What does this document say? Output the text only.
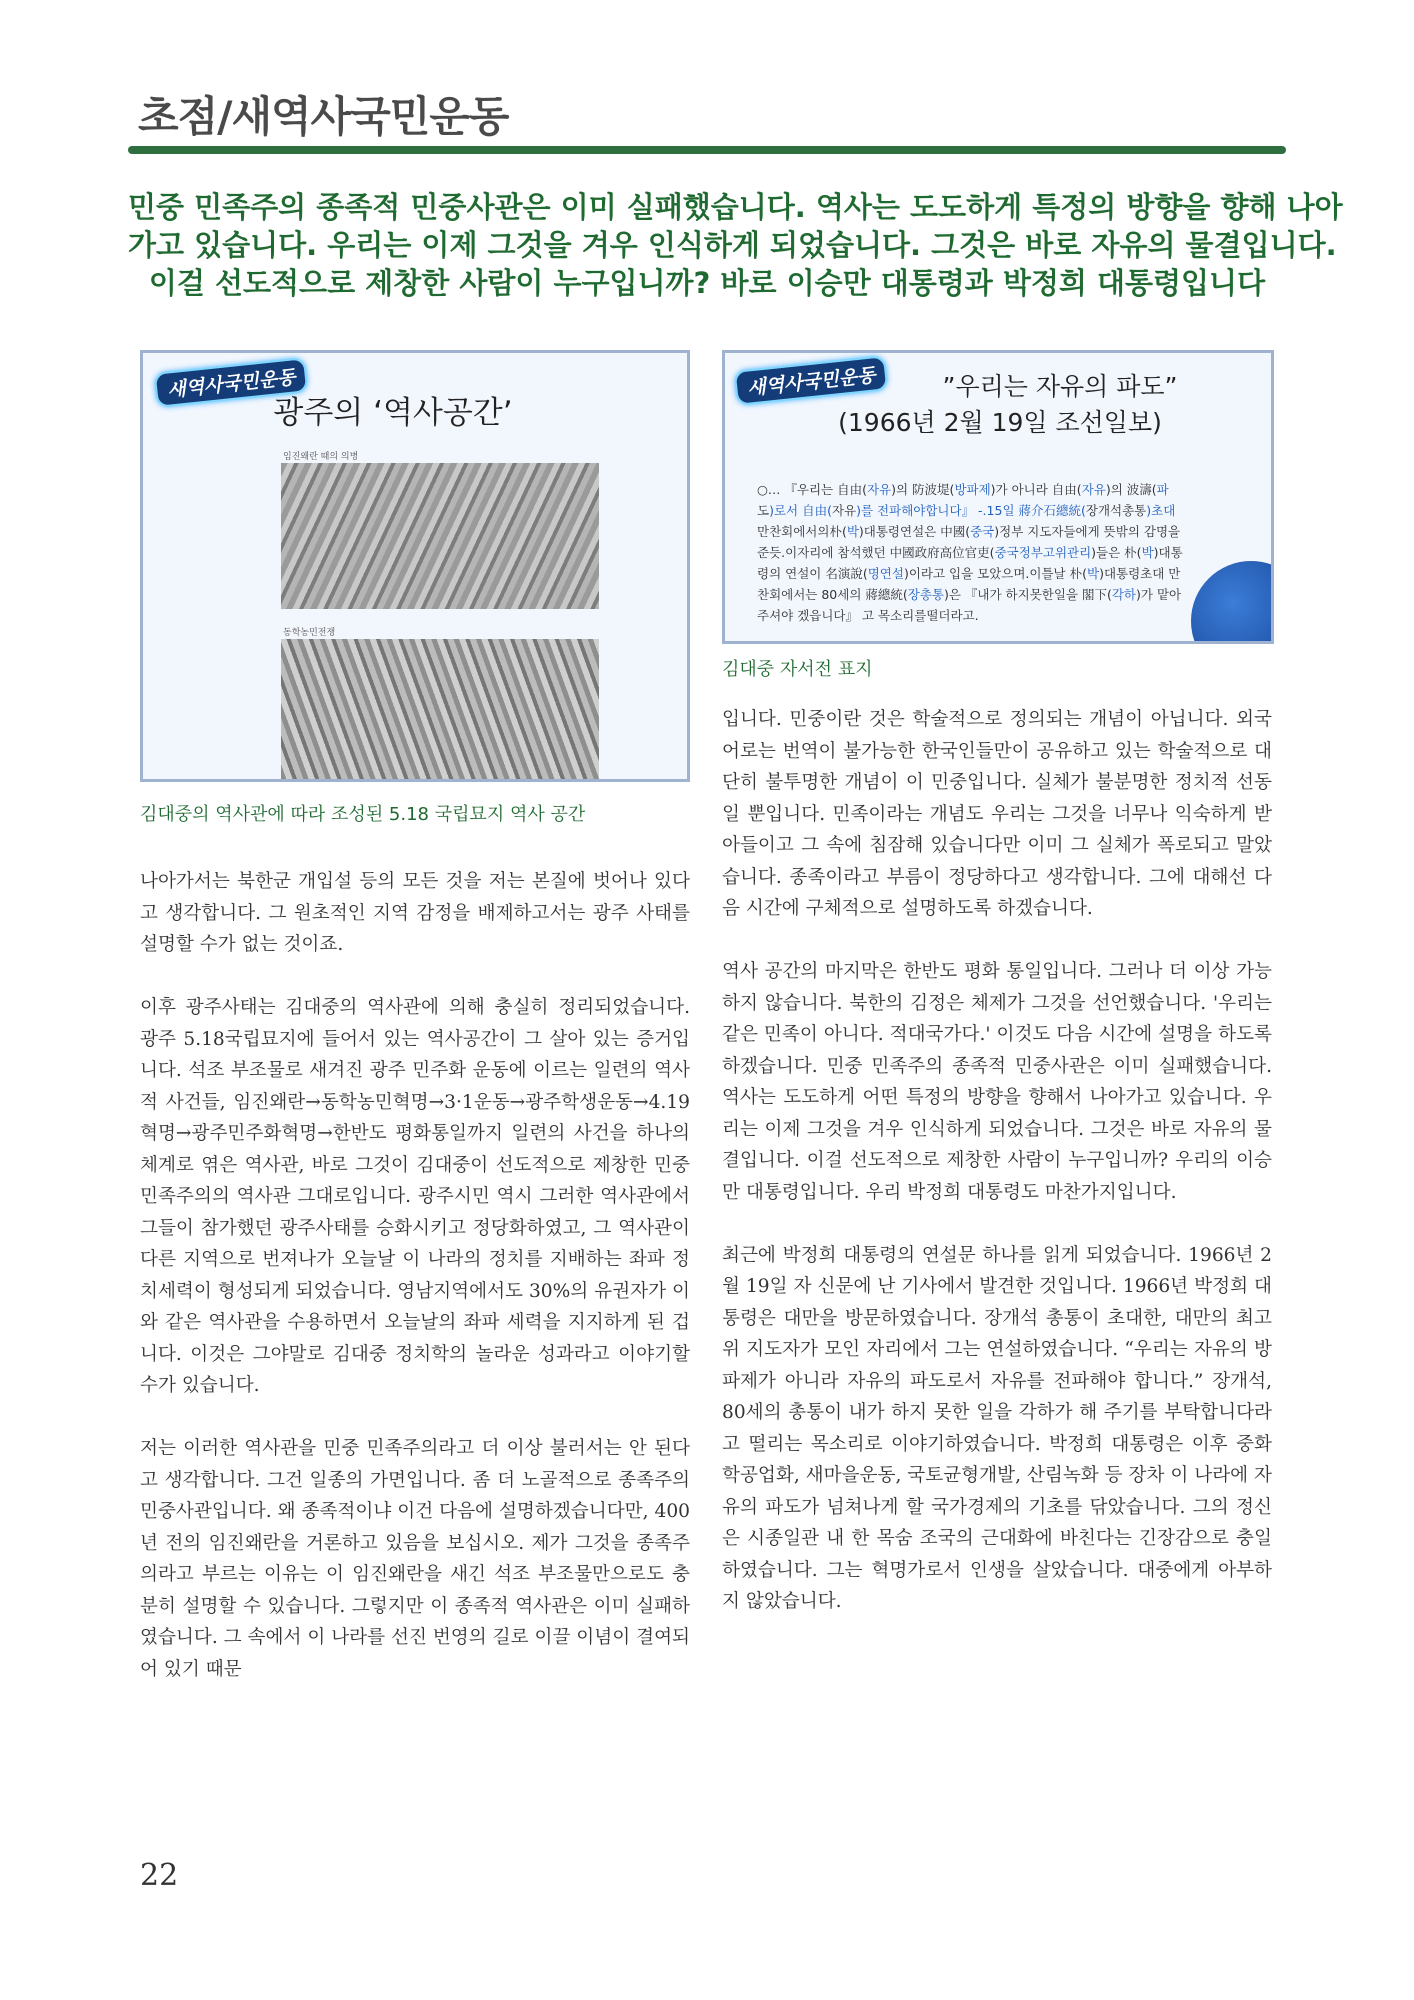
초점/새역사국민운동
민중 민족주의 종족적 민중사관은 이미 실패했습니다. 역사는 도도하게 특정의 방향을 향해 나아
가고 있습니다. 우리는 이제 그것을 겨우 인식하게 되었습니다. 그것은 바로 자유의 물결입니다.
이걸 선도적으로 제창한 사람이 누구입니까? 바로 이승만 대통령과 박정희 대통령입니다
새역사국민운동
광주의 ‘역사공간’
임진왜란 때의 의병
동학농민전쟁
김대중의 역사관에 따라 조성된 5.18 국립묘지 역사 공간
새역사국민운동	”우리는 자유의 파도”
(1966년 2월 19일 조선일보)
○… 『우리는 自由(자유)의 防波堤(방파제)가 아니라 自由(자유)의 波濤(파
도)로서 自由(자유)를 전파해야합니다』 -.15일 蔣介石總統(장개석총통)초대
만찬회에서의朴(박)대통령연설은 中國(중국)정부 지도자들에게 뜻밖의 감명을
준듯.이자리에 참석했던 中國政府高位官吏(중국정부고위관리)들은 朴(박)대통
령의 연설이 名演說(명연설)이라고 입을 모았으며.이틀날 朴(박)대통령초대 만
찬회에서는 80세의 蔣總統(장총통)은 『내가 하지못한일을 閣下(각하)가 맡아
주셔야 겠읍니다』 고 목소리를떨더라고.
김대중 자서전 표지

나아가서는 북한군 개입설 등의 모든 것을 저는 본질에 벗어나 있다고 생각합니다. 그 원초적인 지역 감정을 배제하고서는 광주 사태를 설명할 수가 없는 것이죠.

이후 광주사태는 김대중의 역사관에 의해 충실히 정리되었습니다. 광주 5.18국립묘지에 들어서 있는 역사공간이 그 살아 있는 증거입니다. 석조 부조물로 새겨진 광주 민주화 운동에 이르는 일련의 역사적 사건들, 임진왜란→동학농민혁명→3·1운동→광주학생운동→4.19혁명→광주민주화혁명→한반도 평화통일까지 일련의 사건을 하나의 체계로 엮은 역사관, 바로 그것이 김대중이 선도적으로 제창한 민중 민족주의의 역사관 그대로입니다. 광주시민 역시 그러한 역사관에서 그들이 참가했던 광주사태를 승화시키고 정당화하였고, 그 역사관이 다른 지역으로 번져나가 오늘날 이 나라의 정치를 지배하는 좌파 정치세력이 형성되게 되었습니다. 영남지역에서도 30%의 유권자가 이와 같은 역사관을 수용하면서 오늘날의 좌파 세력을 지지하게 된 겁니다. 이것은 그야말로 김대중 정치학의 놀라운 성과라고 이야기할 수가 있습니다.

저는 이러한 역사관을 민중 민족주의라고 더 이상 불러서는 안 된다고 생각합니다. 그건 일종의 가면입니다. 좀 더 노골적으로 종족주의 민중사관입니다. 왜 종족적이냐 이건 다음에 설명하겠습니다만, 400년 전의 임진왜란을 거론하고 있음을 보십시오. 제가 그것을 종족주의라고 부르는 이유는 이 임진왜란을 새긴 석조 부조물만으로도 충분히 설명할 수 있습니다. 그렇지만 이 종족적 역사관은 이미 실패하였습니다. 그 속에서 이 나라를 선진 번영의 길로 이끌 이념이 결여되어 있기 때문

입니다. 민중이란 것은 학술적으로 정의되는 개념이 아닙니다. 외국어로는 번역이 불가능한 한국인들만이 공유하고 있는 학술적으로 대단히 불투명한 개념이 이 민중입니다. 실체가 불분명한 정치적 선동일 뿐입니다. 민족이라는 개념도 우리는 그것을 너무나 익숙하게 받아들이고 그 속에 침잠해 있습니다만 이미 그 실체가 폭로되고 말았습니다. 종족이라고 부름이 정당하다고 생각합니다. 그에 대해선 다음 시간에 구체적으로 설명하도록 하겠습니다.

역사 공간의 마지막은 한반도 평화 통일입니다. 그러나 더 이상 가능하지 않습니다. 북한의 김정은 체제가 그것을 선언했습니다. '우리는 같은 민족이 아니다. 적대국가다.' 이것도 다음 시간에 설명을 하도록 하겠습니다. 민중 민족주의 종족적 민중사관은 이미 실패했습니다. 역사는 도도하게 어떤 특정의 방향을 향해서 나아가고 있습니다. 우리는 이제 그것을 겨우 인식하게 되었습니다. 그것은 바로 자유의 물결입니다. 이걸 선도적으로 제창한 사람이 누구입니까? 우리의 이승만 대통령입니다. 우리 박정희 대통령도 마찬가지입니다.

최근에 박정희 대통령의 연설문 하나를 읽게 되었습니다. 1966년 2월 19일 자 신문에 난 기사에서 발견한 것입니다. 1966년 박정희 대통령은 대만을 방문하였습니다. 장개석 총통이 초대한, 대만의 최고위 지도자가 모인 자리에서 그는 연설하였습니다. “우리는 자유의 방파제가 아니라 자유의 파도로서 자유를 전파해야 합니다.” 장개석, 80세의 총통이 내가 하지 못한 일을 각하가 해 주기를 부탁합니다라고 떨리는 목소리로 이야기하였습니다. 박정희 대통령은 이후 중화학공업화, 새마을운동, 국토균형개발, 산림녹화 등 장차 이 나라에 자유의 파도가 넘쳐나게 할 국가경제의 기초를 닦았습니다. 그의 정신은 시종일관 내 한 목숨 조국의 근대화에 바친다는 긴장감으로 충일하였습니다. 그는 혁명가로서 인생을 살았습니다. 대중에게 아부하지 않았습니다.

22
